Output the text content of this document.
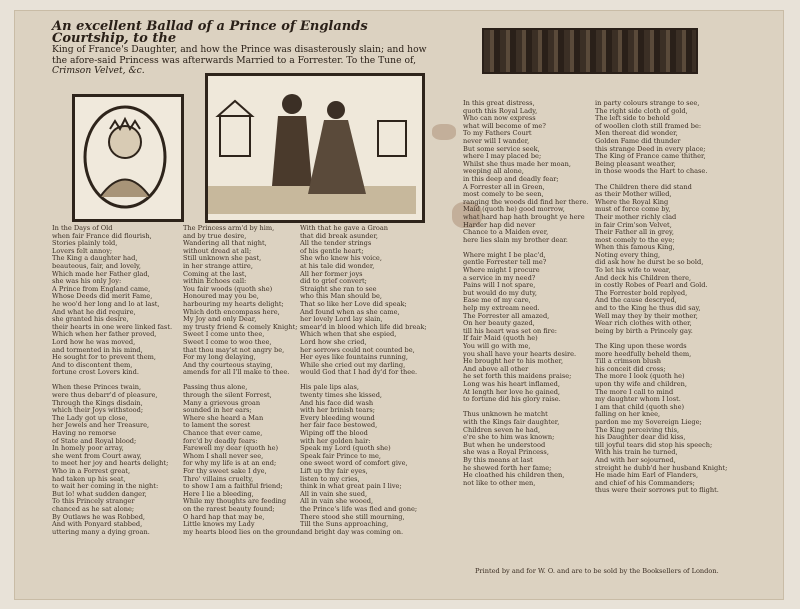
An excellent Ballad of a Prince of Englands Courtship, to the
King of France's Daughter, and how the Prince was disasterously slain; and how the afore-said Princess was afterwards Married to a Forrester. To the Tune of, Crimson Velvet, &c.
In the Days of Old
when fair France did flourish,
Stories plainly told,
Lovers felt annoy;
The King a daughter had,
beauteous, fair, and lovely,
Which made her Father glad,
she was his only Joy:
A Prince from England came,
Whose Deeds did merit Fame,
he woo'd her long and lo at last,
And what he did require,
she granted his desire,
their hearts in one were linked fast.
Which when her father proved,
Lord how he was moved,
and tormented in his mind,
He sought for to prevent them,
And to discontent them,
fortune crost Lovers kind.

When these Princes twain,
were thus debarr'd of pleasure,
Through the Kings disdain,
which their Joys withstood;
The Lady got up close,
her Jewels and her Treasure,
Having no remorse
of State and Royal blood;
In homely poor array,
she went from Court away,
to meet her joy and hearts delight;
Who in a Forrest great,
had taken up his seat,
to wait her coming in the night:
But lo! what sudden danger,
To this Princely stranger
chanced as he sat alone;
By Outlaws he was Robbed,
And with Ponyard stabbed,
uttering many a dying groan.
The Princess arm'd by him,
and by true desire,
Wandering all that night,
without dread at all;
Still unknown she past,
in her strange attire,
Coming at the last,
within Echoes call:
You fair woods (quoth she)
Honoured may you be,
harbouring my hearts delight;
Which doth encompass here,
My Joy and only Dear,
my trusty friend & comely Knight;
Sweet I come unto thee,
Sweet I come to woo thee,
that thou may'st not angry be,
For my long delaying,
And thy courteous staying,
amends for all I'll make to thee.

Passing thus alone,
through the silent Forrest,
Many a grievous groan
sounded in her ears;
Where she heard a Man
to lament the sorest
Chance that ever came,
forc'd by deadly fears:
Farewell my dear (quoth he)
Whom I shall never see,
for why my life is at an end;
For thy sweet sake I dye,
Thro' villains cruelty,
to show I am a faithful friend;
Here I lie a bleeding,
While my thoughts are feeding
on the rarest beauty found;
O hard hap that may be,
Little knows my Lady
my hearts blood lies on the ground.
With that he gave a Groan
that did break asunder,
All the tender strings
of his gentle heart;
She who knew his voice,
at his tale did wonder,
All her former joys
did to grief convert;
Straight she ran to see
who this Man should be,
That so like her Love did speak;
And found when as she came,
her lovely Lord lay slain,
smear'd in blood which life did break;
Which when that she espied,
Lord how she cried,
her sorrows could not counted be,
Her eyes like fountains running,
While she cried out my darling,
would God that I had dy'd for thee.

His pale lips alas,
twenty times she kissed,
And his face did wash
with her brinish tears;
Every bleeding wound
her fair face bestowed,
Wiping off the blood
with her golden hair:
Speak my Lord (quoth she)
Speak fair Prince to me,
one sweet word of comfort give,
Lift up thy fair eyes,
listen to my cries,
think in what great pain I live;
All in vain she sued,
All in vain she wooed,
the Prince's life was fled and gone;
There stood she still mourning,
Till the Suns approaching,
and bright day was coming on.
In this great distress,
quoth this Royal Lady,
Who can now express
what will become of me?
To my Fathers Court
never will I wander,
But some service seek,
where I may placed be;
Whilst she thus made her moan,
weeping all alone,
in this deep and deadly fear;
A Forrester all in Green,
most comely to be seen,
ranging the woods did find her there.
Maid (quoth he) good morrow,
what hard hap hath brought ye here
Harder hap did never
Chance to a Maiden ever,
here lies slain my brother dear.

Where might I be plac'd,
gentle Forrester tell me?
Where might I procure
a service in my need?
Pains will I not spare,
but would do my duty,
Ease me of my care,
help my extream need.
The Forrester all amazed,
On her beauty gazed,
till his heart was set on fire:
If fair Maid (quoth he)
You will go with me,
you shall have your hearts desire.
He brought her to his mother,
And above all other
he set forth this maidens praise;
Long was his heart inflamed,
At length her love he gained,
to fortune did his glory raise.

Thus unknown he matcht
with the Kings fair daughter,
Children seven he had,
e're she to him was known;
But when he understood
she was a Royal Princess,
By this means at last
he shewed forth her fame;
He cloathed his children then,
not like to other men,
in party colours strange to see,
The right side cloth of gold,
The left side to behold
of woollen cloth still framed be:
Men thereat did wonder,
Golden Fame did thunder
this strange Deed in every place;
The King of France came thither,
Being pleasant weather,
in those woods the Hart to chase.

The Children there did stand
as their Mother willed,
Where the Royal King
must of force come by,
Their mother richly clad
in fair Crim'son Velvet,
Their Father all in grey,
most comely to the eye;
When this famous King,
Noting every thing,
did ask how he durst be so bold,
To let his wife to wear,
And deck his Children there,
in costly Robes of Pearl and Gold.
The Forrester bold replyed,
And the cause descryed,
and to the King he thus did say,
Well may they by their mother,
Wear rich clothes with other,
being by birth a Princely gay.

The King upon these words
more heedfully beheld them,
Till a crimson blush
his conceit did cross;
The more I look (quoth he)
upon thy wife and children,
The more I call to mind
my daughter whom I lost.
I am that child (quoth she)
falling on her knee,
pardon me my Sovereign Liege;
The King perceiving this,
his Daughter dear did kiss,
till joyful tears did stop his speech;
With his train he turned,
And with her sojourned,
streight he dubb'd her husband Knight;
He made him Earl of Flanders,
and chief of his Commanders;
thus were their sorrows put to flight.
Printed by and for W. O. and are to be sold by the Booksellers of London.
